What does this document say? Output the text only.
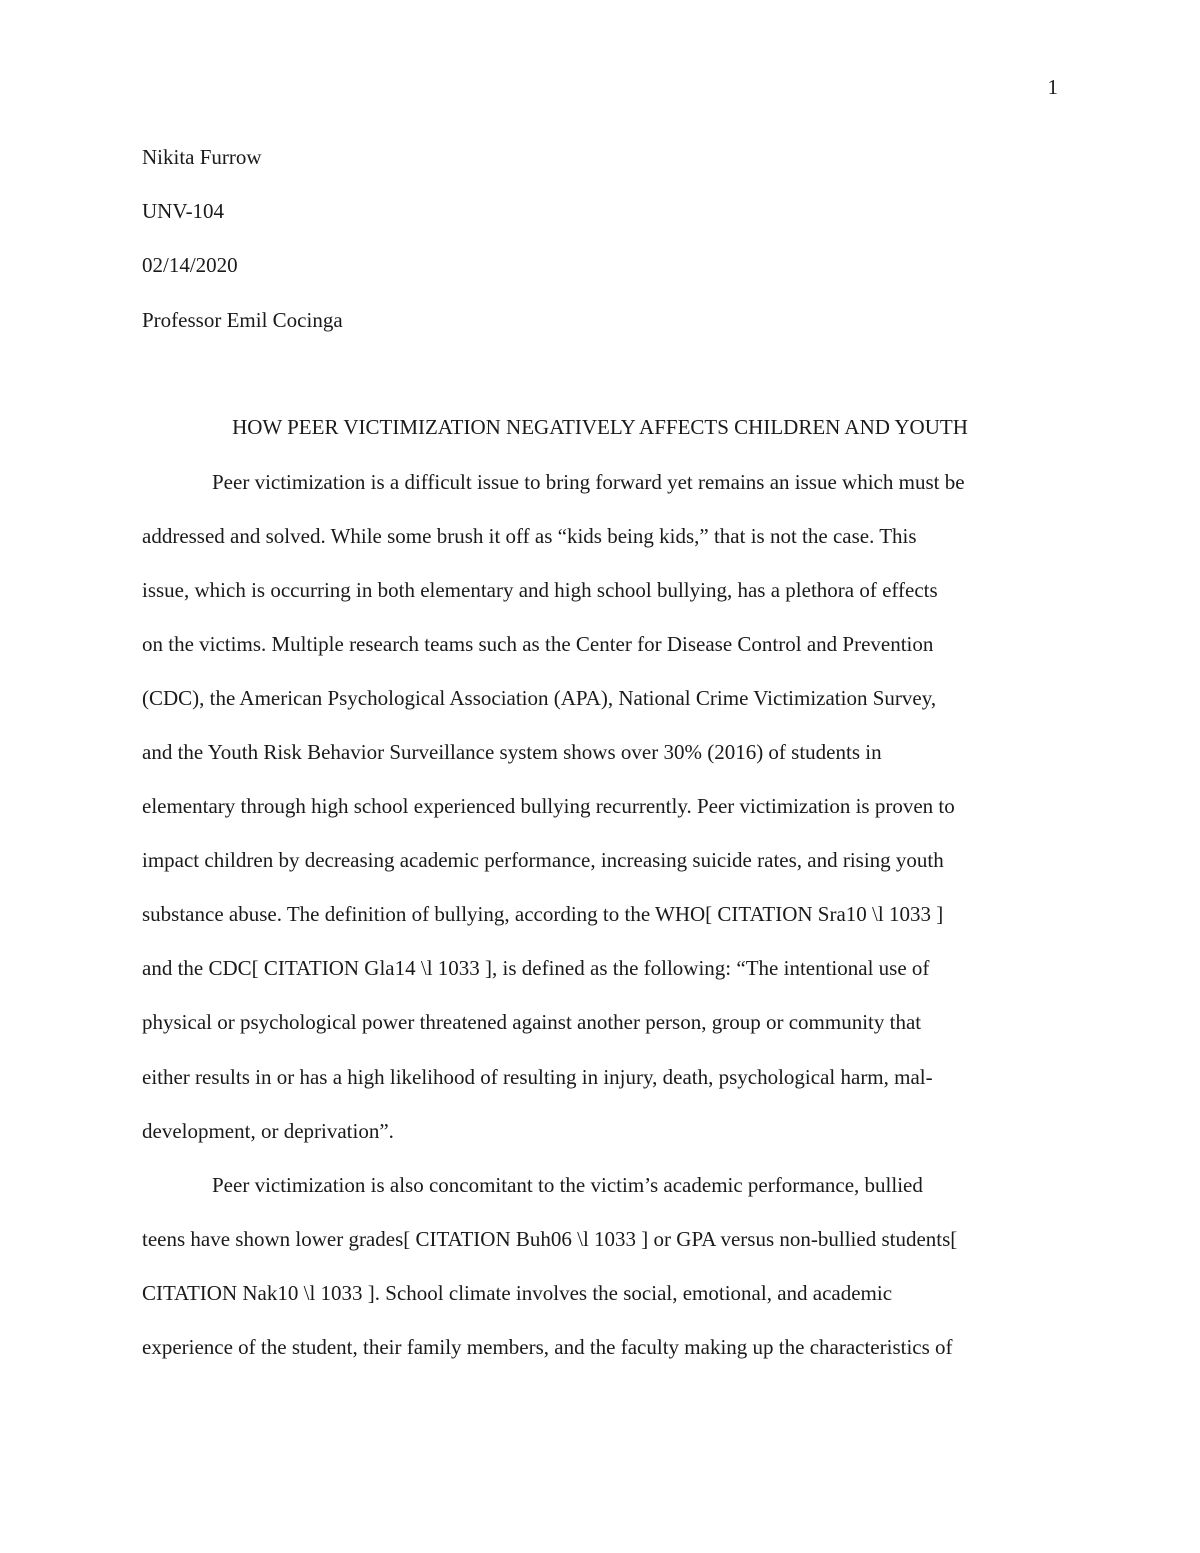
1
Nikita Furrow
UNV-104
02/14/2020
Professor Emil Cocinga
HOW PEER VICTIMIZATION NEGATIVELY AFFECTS CHILDREN AND YOUTH
Peer victimization is a difficult issue to bring forward yet remains an issue which must be
addressed and solved. While some brush it off as “kids being kids,” that is not the case. This
issue, which is occurring in both elementary and high school bullying, has a plethora of effects
on the victims. Multiple research teams such as the Center for Disease Control and Prevention
(CDC), the American Psychological Association (APA), National Crime Victimization Survey,
and the Youth Risk Behavior Surveillance system shows over 30% (2016) of students in
elementary through high school experienced bullying recurrently. Peer victimization is proven to
impact children by decreasing academic performance, increasing suicide rates, and rising youth
substance abuse. The definition of bullying, according to the WHO[ CITATION Sra10 \l 1033 ]
and the CDC[ CITATION Gla14 \l 1033 ], is defined as the following: “The intentional use of
physical or psychological power threatened against another person, group or community that
either results in or has a high likelihood of resulting in injury, death, psychological harm, mal-
development, or deprivation”.
Peer victimization is also concomitant to the victim’s academic performance, bullied
teens have shown lower grades[ CITATION Buh06 \l 1033 ] or GPA versus non-bullied students[
CITATION Nak10 \l 1033 ]. School climate involves the social, emotional, and academic
experience of the student, their family members, and the faculty making up the characteristics of
